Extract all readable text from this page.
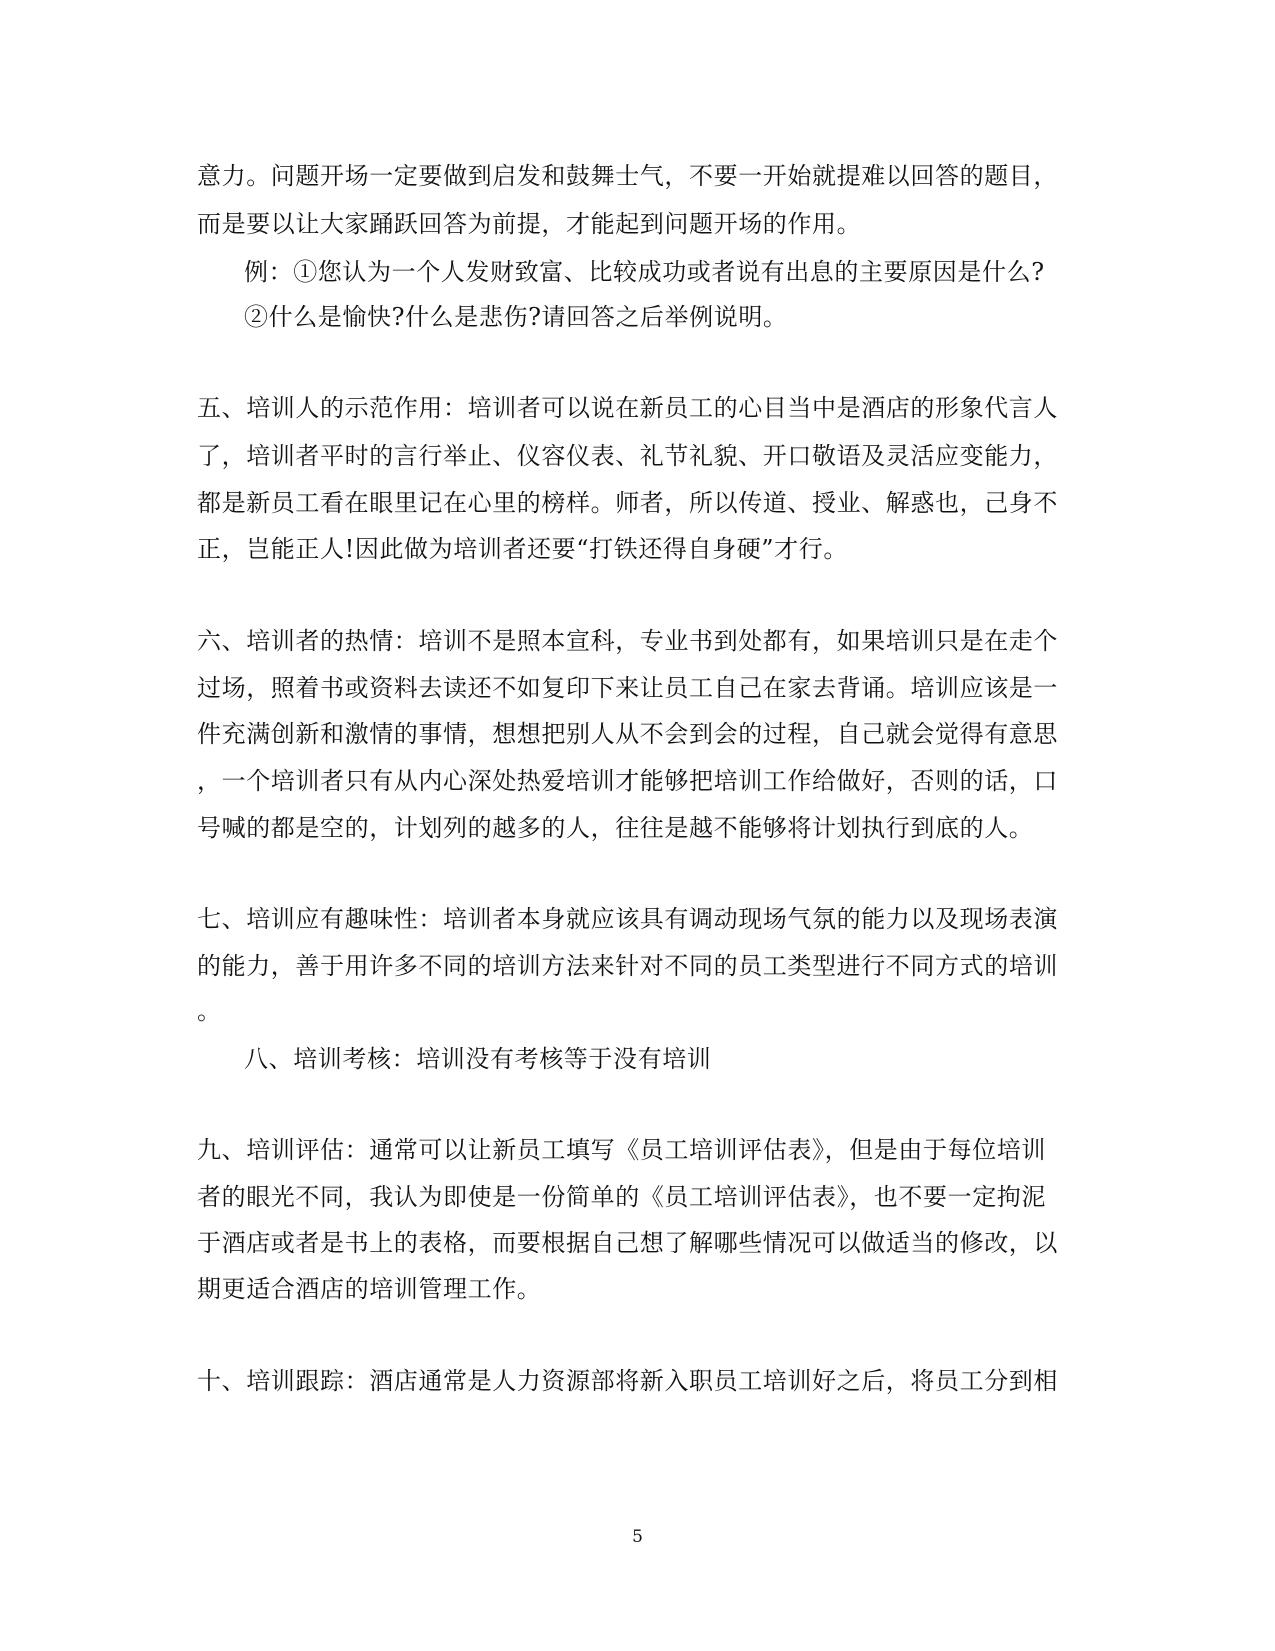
意力。问题开场一定要做到启发和鼓舞士气，不要一开始就提难以回答的题目，
而是要以让大家踊跃回答为前提，才能起到问题开场的作用。
例：①您认为一个人发财致富、比较成功或者说有出息的主要原因是什么?
②什么是愉快?什么是悲伤?请回答之后举例说明。
五、培训人的示范作用：培训者可以说在新员工的心目当中是酒店的形象代言人
了，培训者平时的言行举止、仪容仪表、礼节礼貌、开口敬语及灵活应变能力，
都是新员工看在眼里记在心里的榜样。师者，所以传道、授业、解惑也，己身不
正，岂能正人!因此做为培训者还要“打铁还得自身硬”才行。
六、培训者的热情：培训不是照本宣科，专业书到处都有，如果培训只是在走个
过场，照着书或资料去读还不如复印下来让员工自己在家去背诵。培训应该是一
件充满创新和激情的事情，想想把别人从不会到会的过程，自己就会觉得有意思
，一个培训者只有从内心深处热爱培训才能够把培训工作给做好，否则的话，口
号喊的都是空的，计划列的越多的人，往往是越不能够将计划执行到底的人。
七、培训应有趣味性：培训者本身就应该具有调动现场气氛的能力以及现场表演
的能力，善于用许多不同的培训方法来针对不同的员工类型进行不同方式的培训
。
八、培训考核：培训没有考核等于没有培训
九、培训评估：通常可以让新员工填写《员工培训评估表》，但是由于每位培训
者的眼光不同，我认为即使是一份简单的《员工培训评估表》，也不要一定拘泥
于酒店或者是书上的表格，而要根据自己想了解哪些情况可以做适当的修改，以
期更适合酒店的培训管理工作。
十、培训跟踪：酒店通常是人力资源部将新入职员工培训好之后，将员工分到相
5
